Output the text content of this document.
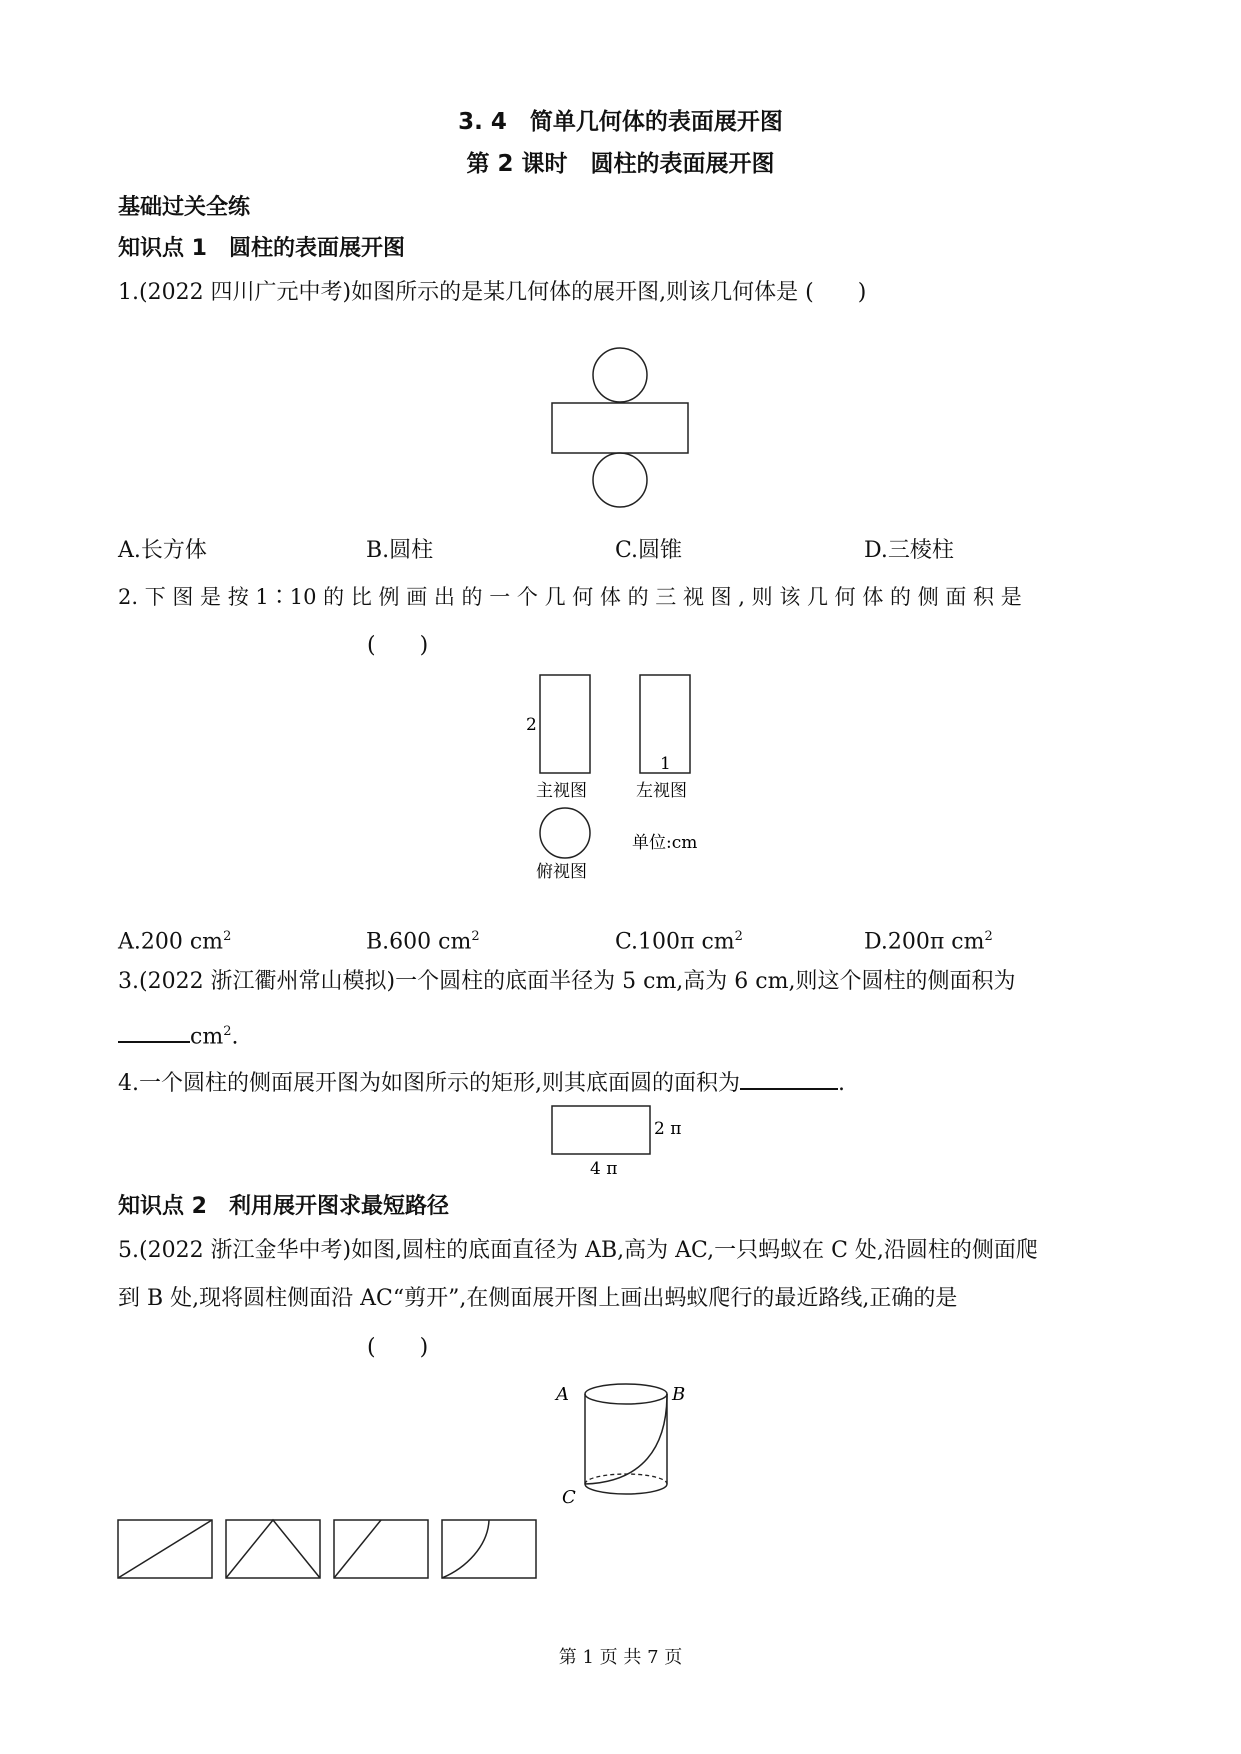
3. 4　简单几何体的表面展开图
第 2 课时　圆柱的表面展开图
基础过关全练
知识点 1　圆柱的表面展开图
1.(2022 四川广元中考)如图所示的是某几何体的展开图,则该几何体是 (　　)
A.长方体	B.圆柱	C.圆锥	D.三棱柱
2. 下 图 是 按 1∶10 的 比 例 画 出 的 一 个 几 何 体 的 三 视 图 , 则 该 几 何 体 的 侧 面 积 是
(　　)
2
1
主视图	左视图
单位:cm
俯视图
A.200 $cm^2$	B.600 $cm^2$	C.100π $cm^2$	D.200π $cm^2$
3.(2022 浙江衢州常山模拟)一个圆柱的底面半径为 5 cm,高为 6 cm,则这个圆柱的侧面积为
$cm^2$.
4.一个圆柱的侧面展开图为如图所示的矩形,则其底面圆的面积为	.
2 π
4 π
知识点 2　利用展开图求最短路径
5.(2022 浙江金华中考)如图,圆柱的底面直径为 AB,高为 AC,一只蚂蚁在 C 处,沿圆柱的侧面爬
到 B 处,现将圆柱侧面沿 AC“剪开”,在侧面展开图上画出蚂蚁爬行的最近路线,正确的是
(　　)
A	B
C
第 1 页 共 7 页
